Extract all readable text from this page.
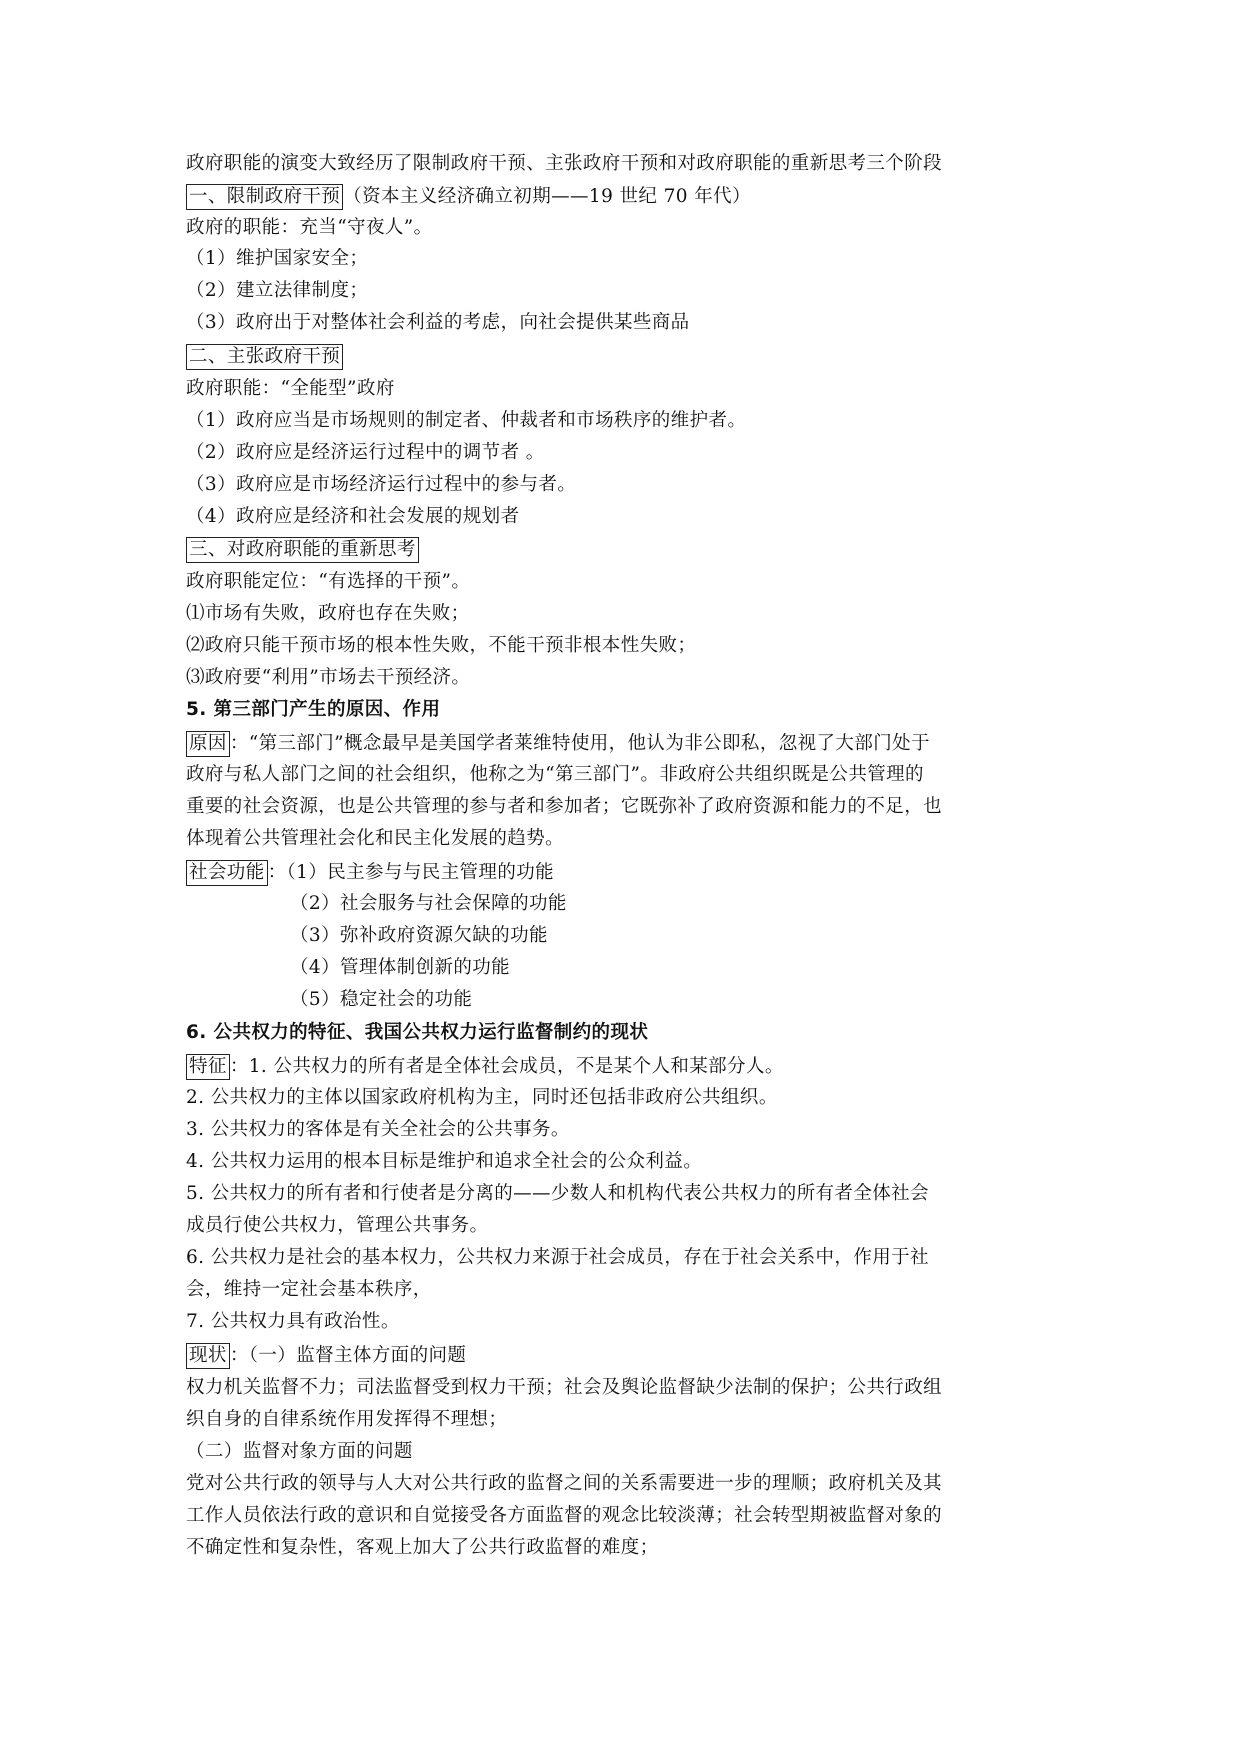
政府职能的演变大致经历了限制政府干预、主张政府干预和对政府职能的重新思考三个阶段
一、限制政府干预 （资本主义经济确立初期——19 世纪 70 年代）
政府的职能：充当“守夜人”。
（1）维护国家安全；
（2）建立法律制度；
（3）政府出于对整体社会利益的考虑，向社会提供某些商品
二、主张政府干预
政府职能：“全能型”政府
（1）政府应当是市场规则的制定者、仲裁者和市场秩序的维护者。
（2）政府应是经济运行过程中的调节者 。
（3）政府应是市场经济运行过程中的参与者。
（4）政府应是经济和社会发展的规划者
三、对政府职能的重新思考
政府职能定位：“有选择的干预”。
⑴市场有失败，政府也存在失败；
⑵政府只能干预市场的根本性失败，不能干预非根本性失败；
⑶政府要“利用”市场去干预经济。
5. 第三部门产生的原因、作用
原因 ：“第三部门”概念最早是美国学者莱维特使用，他认为非公即私，忽视了大部门处于
政府与私人部门之间的社会组织，他称之为“第三部门”。非政府公共组织既是公共管理的
重要的社会资源，也是公共管理的参与者和参加者；它既弥补了政府资源和能力的不足，也
体现着公共管理社会化和民主化发展的趋势。
社会功能 ：（1）民主参与与民主管理的功能
（2）社会服务与社会保障的功能
（3）弥补政府资源欠缺的功能
（4）管理体制创新的功能
（5）稳定社会的功能
6. 公共权力的特征、我国公共权力运行监督制约的现状
特征 ：1. 公共权力的所有者是全体社会成员，不是某个人和某部分人。
2. 公共权力的主体以国家政府机构为主，同时还包括非政府公共组织。
3. 公共权力的客体是有关全社会的公共事务。
4. 公共权力运用的根本目标是维护和追求全社会的公众利益。
5. 公共权力的所有者和行使者是分离的——少数人和机构代表公共权力的所有者全体社会
成员行使公共权力，管理公共事务。
6. 公共权力是社会的基本权力，公共权力来源于社会成员，存在于社会关系中，作用于社
会，维持一定社会基本秩序，
7. 公共权力具有政治性。
现状 ：（一）监督主体方面的问题
权力机关监督不力；司法监督受到权力干预；社会及舆论监督缺少法制的保护；公共行政组
织自身的自律系统作用发挥得不理想；
（二）监督对象方面的问题
党对公共行政的领导与人大对公共行政的监督之间的关系需要进一步的理顺；政府机关及其
工作人员依法行政的意识和自觉接受各方面监督的观念比较淡薄；社会转型期被监督对象的
不确定性和复杂性，客观上加大了公共行政监督的难度；
